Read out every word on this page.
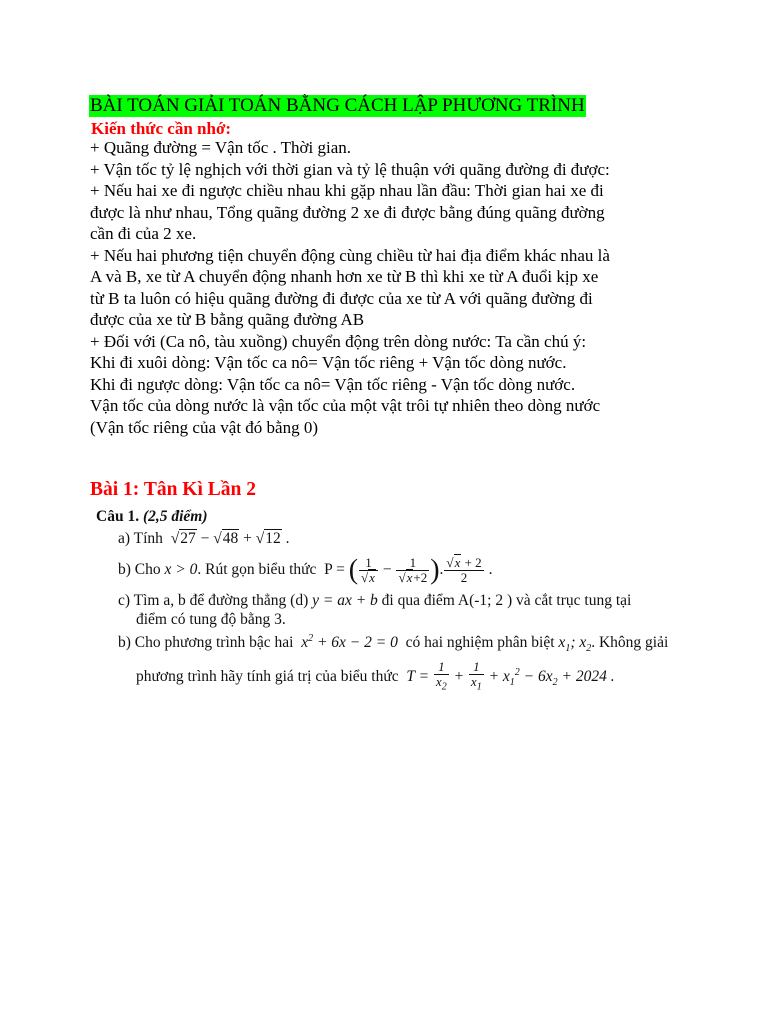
BÀI TOÁN GIẢI TOÁN BẰNG CÁCH LẬP PHƯƠNG TRÌNH
Kiến thức cần nhớ:

+ Quãng đường = Vận tốc . Thời gian.

+ Vận tốc tỷ lệ nghịch với thời gian và tỷ lệ thuận với quãng đường đi được:

+ Nếu hai xe đi ngược chiều nhau khi gặp nhau lần đầu: Thời gian hai xe đi

được là như nhau, Tổng quãng đường 2 xe đi được bằng đúng quãng đường

cần đi của 2 xe.

+ Nếu hai phương tiện chuyển động cùng chiều từ hai địa điểm khác nhau là

A và B, xe từ A chuyển động nhanh hơn xe từ B thì khi xe từ A đuổi kịp xe

từ B ta luôn có hiệu quãng đường đi được của xe từ A với quãng đường đi

được của xe từ B bằng quãng đường AB

+ Đối với (Ca nô, tàu xuồng) chuyển động trên dòng nước: Ta cần chú ý:

Khi đi xuôi dòng: Vận tốc ca nô= Vận tốc riêng + Vận tốc dòng nước.

Khi đi ngược dòng: Vận tốc ca nô= Vận tốc riêng - Vận tốc dòng nước.

Vận tốc của dòng nước là vận tốc của một vật trôi tự nhiên theo dòng nước

(Vận tốc riêng của vật đó bằng 0)

Bài 1: Tân Kì Lần 2
Câu 1. (2,5 điểm)
a) Tính  √27 − √48 + √12 .
b) Cho x > 0. Rút gọn biểu thức  P = ( $\frac{1}{√x} - \frac{1}{√x+2}$ ). $\frac{√x + 2}{2}$ .
c) Tìm a, b để đường thẳng (d) y = ax + b đi qua điểm A(-1; 2 ) và cắt trục tung tại
điểm có tung độ bằng 3.
b) Cho phương trình bậc hai  $x^2 + 6x - 2 = 0$  có hai nghiệm phân biệt $x_1$; $x_2$. Không giải
phương trình hãy tính giá trị của biểu thức  $T = \frac{1}{x_2} + \frac{1}{x_1} + x_1^2 - 6x_2 + 2024$ .
